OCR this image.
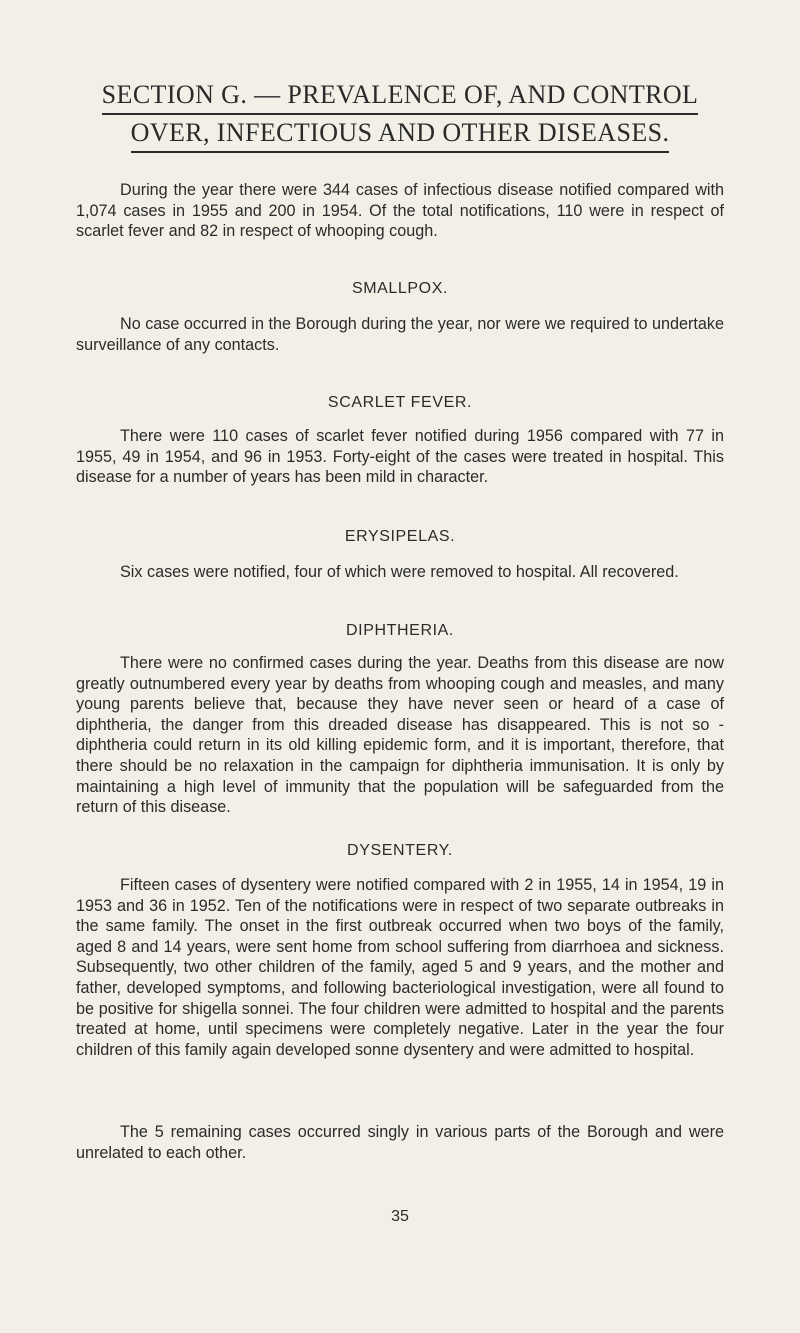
SECTION G. — PREVALENCE OF, AND CONTROL
OVER, INFECTIOUS AND OTHER DISEASES.

During the year there were 344 cases of infectious disease notified compared with 1,074 cases in 1955 and 200 in 1954. Of the total notifications, 110 were in respect of scarlet fever and 82 in respect of whooping cough.

SMALLPOX.

No case occurred in the Borough during the year, nor were we required to undertake surveillance of any contacts.

SCARLET FEVER.

There were 110 cases of scarlet fever notified during 1956 compared with 77 in 1955, 49 in 1954, and 96 in 1953. Forty-eight of the cases were treated in hospital. This disease for a number of years has been mild in character.

ERYSIPELAS.

Six cases were notified, four of which were removed to hospital. All recovered.

DIPHTHERIA.

There were no confirmed cases during the year. Deaths from this disease are now greatly outnumbered every year by deaths from whooping cough and measles, and many young parents believe that, because they have never seen or heard of a case of diphtheria, the danger from this dreaded disease has disappeared. This is not so - diphtheria could return in its old killing epidemic form, and it is important, therefore, that there should be no relaxation in the campaign for diphtheria immunisation. It is only by maintaining a high level of immunity that the population will be safeguarded from the return of this disease.

DYSENTERY.

Fifteen cases of dysentery were notified compared with 2 in 1955, 14 in 1954, 19 in 1953 and 36 in 1952. Ten of the notifications were in respect of two separate outbreaks in the same family. The onset in the first outbreak occurred when two boys of the family, aged 8 and 14 years, were sent home from school suffering from diarrhoea and sickness. Subsequently, two other children of the family, aged 5 and 9 years, and the mother and father, developed symptoms, and following bacteriological investigation, were all found to be positive for shigella sonnei. The four children were admitted to hospital and the parents treated at home, until specimens were completely negative. Later in the year the four children of this family again developed sonne dysentery and were admitted to hospital.

The 5 remaining cases occurred singly in various parts of the Borough and were unrelated to each other.

35
